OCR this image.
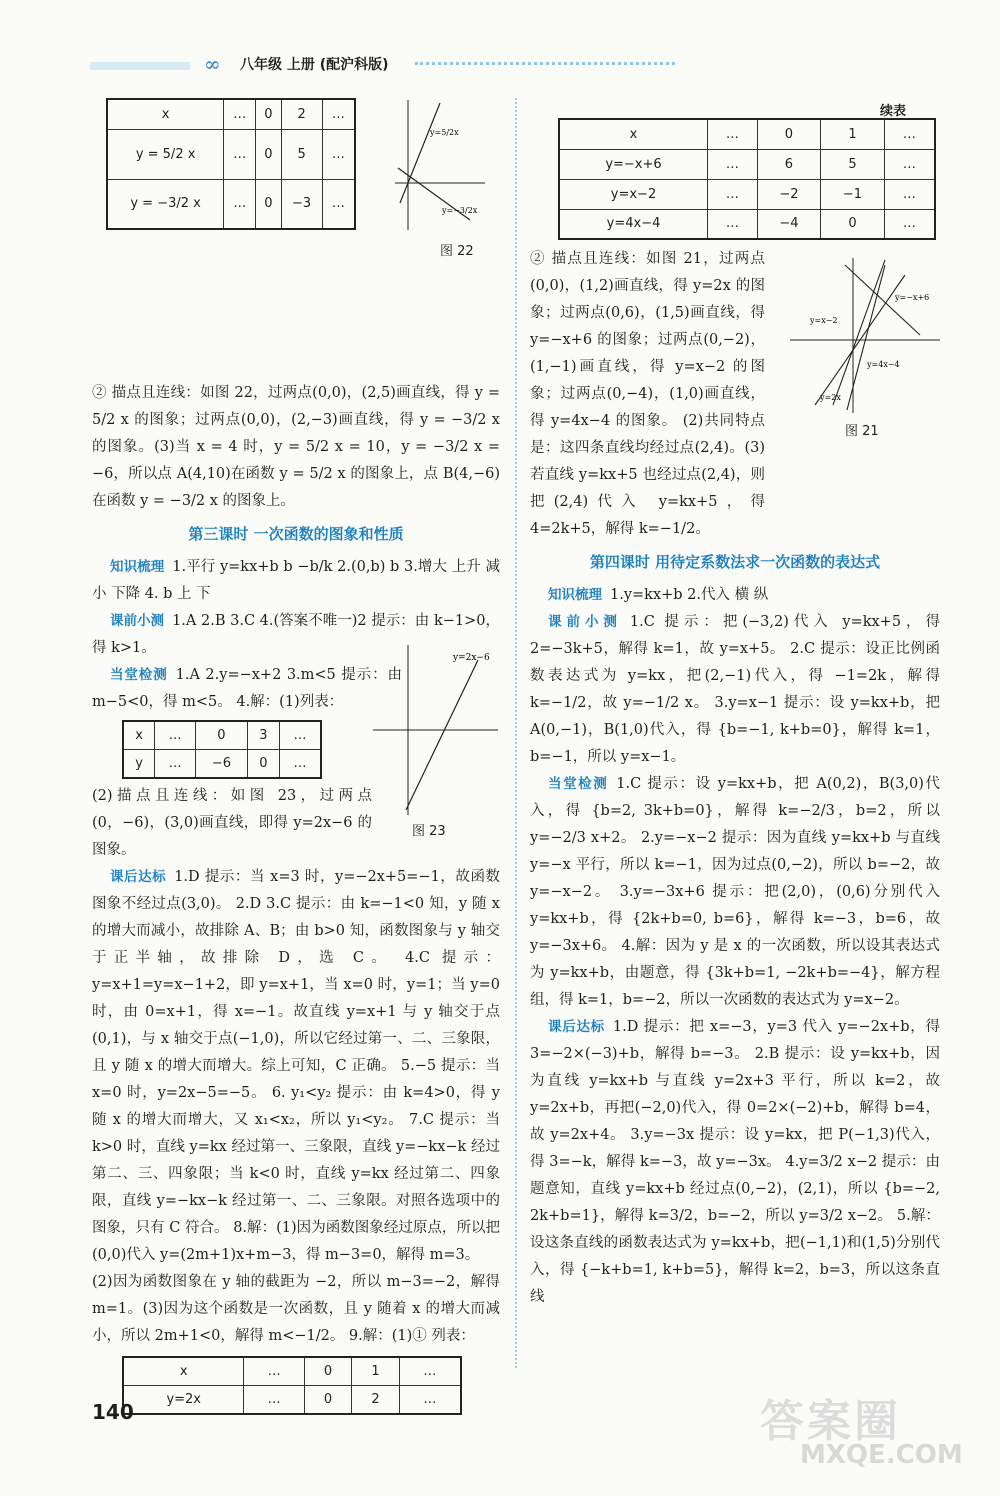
∞ 八年级 上册 (配沪科版)
x	…	0	2	…
y = 5/2 x	…	0	5	…
y = −3/2 x	…	0	−3	…

② 描点且连线：如图 22，过两点(0,0)，(2,5)画直线，得 y = 5/2 x 的图象；过两点(0,0)，(2,−3)画直线，得 y = −3/2 x 的图象。(3)当 x = 4 时，y = 5/2 x = 10，y = −3/2 x = −6，所以点 A(4,10)在函数 y = 5/2 x 的图象上，点 B(4,−6)在函数 y = −3/2 x 的图象上。

第三课时 一次函数的图象和性质

知识梳理 1.平行 y=kx+b b −b/k 2.(0,b) b 3.增大 上升 减小 下降 4. b 上 下

课前小测 1.A 2.B 3.C 4.(答案不唯一)2 提示：由 k−1>0，得 k>1。

当堂检测 1.A 2.y=−x+2 3.m<5 提示：由 m−5<0，得 m<5。 4.解：(1)列表：

x	…	0	3	…
y	…	−6	0	…

(2)描点且连线：如图 23，过两点(0，−6)，(3,0)画直线，即得 y=2x−6 的图象。

课后达标 1.D 提示：当 x=3 时，y=−2x+5=−1，故函数图象不经过点(3,0)。 2.D 3.C 提示：由 k=−1<0 知，y 随 x 的增大而减小，故排除 A、B；由 b>0 知，函数图象与 y 轴交于正半轴，故排除 D，选 C。 4.C 提示：y=x+1=y=x−1+2，即 y=x+1，当 x=0 时，y=1；当 y=0 时，由 0=x+1，得 x=−1。故直线 y=x+1 与 y 轴交于点(0,1)，与 x 轴交于点(−1,0)，所以它经过第一、二、三象限，且 y 随 x 的增大而增大。综上可知，C 正确。 5.−5 提示：当 x=0 时，y=2x−5=−5。 6. y₁<y₂ 提示：由 k=4>0，得 y 随 x 的增大而增大，又 x₁<x₂，所以 y₁<y₂。 7.C 提示：当 k>0 时，直线 y=kx 经过第一、三象限，直线 y=−kx−k 经过第二、三、四象限；当 k<0 时，直线 y=kx 经过第二、四象限，直线 y=−kx−k 经过第一、二、三象限。对照各选项中的图象，只有 C 符合。 8.解：(1)因为函数图象经过原点，所以把(0,0)代入 y=(2m+1)x+m−3，得 m−3=0，解得 m=3。

(2)因为函数图象在 y 轴的截距为 −2，所以 m−3=−2，解得 m=1。(3)因为这个函数是一次函数，且 y 随着 x 的增大而减小，所以 2m+1<0，解得 m<−1/2。 9.解：(1)① 列表：

x	…	0	1	…
y=2x	…	0	2	…
y=5/2x
y=−3/2x
图 22
y=2x−6
图 23
续表
x	…	0	1	…
y=−x+6	…	6	5	…
y=x−2	…	−2	−1	…
y=4x−4	…	−4	0	…

② 描点且连线：如图 21，过两点(0,0)，(1,2)画直线，得 y=2x 的图象；过两点(0,6)，(1,5)画直线，得 y=−x+6 的图象；过两点(0,−2)，(1,−1)画直线，得 y=x−2 的图象；过两点(0,−4)，(1,0)画直线，得 y=4x−4 的图象。 (2)共同特点是：这四条直线均经过点(2,4)。(3)若直线 y=kx+5 也经过点(2,4)，则把(2,4)代入 y=kx+5，得 4=2k+5，解得 k=−1/2。

第四课时 用待定系数法求一次函数的表达式

知识梳理 1.y=kx+b 2.代入 横 纵

课前小测 1.C 提示：把(−3,2)代入 y=kx+5，得 2=−3k+5，解得 k=1，故 y=x+5。 2.C 提示：设正比例函数表达式为 y=kx，把(2,−1)代入，得 −1=2k，解得 k=−1/2，故 y=−1/2 x。 3.y=x−1 提示：设 y=kx+b，把 A(0,−1)，B(1,0)代入，得 {b=−1, k+b=0}，解得 k=1，b=−1，所以 y=x−1。

当堂检测 1.C 提示：设 y=kx+b，把 A(0,2)，B(3,0)代入，得 {b=2, 3k+b=0}，解得 k=−2/3，b=2，所以 y=−2/3 x+2。 2.y=−x−2 提示：因为直线 y=kx+b 与直线 y=−x 平行，所以 k=−1，因为过点(0,−2)，所以 b=−2，故 y=−x−2。 3.y=−3x+6 提示：把(2,0)，(0,6)分别代入 y=kx+b，得 {2k+b=0, b=6}，解得 k=−3，b=6，故 y=−3x+6。 4.解：因为 y 是 x 的一次函数，所以设其表达式为 y=kx+b，由题意，得 {3k+b=1, −2k+b=−4}，解方程组，得 k=1，b=−2，所以一次函数的表达式为 y=x−2。

课后达标 1.D 提示：把 x=−3，y=3 代入 y=−2x+b，得 3=−2×(−3)+b，解得 b=−3。 2.B 提示：设 y=kx+b，因为直线 y=kx+b 与直线 y=2x+3 平行，所以 k=2，故 y=2x+b，再把(−2,0)代入，得 0=2×(−2)+b，解得 b=4，故 y=2x+4。 3.y=−3x 提示：设 y=kx，把 P(−1,3)代入，得 3=−k，解得 k=−3，故 y=−3x。 4.y=3/2 x−2 提示：由题意知，直线 y=kx+b 经过点(0,−2)，(2,1)，所以 {b=−2, 2k+b=1}，解得 k=3/2，b=−2，所以 y=3/2 x−2。 5.解：设这条直线的函数表达式为 y=kx+b，把(−1,1)和(1,5)分别代入，得 {−k+b=1, k+b=5}，解得 k=2，b=3，所以这条直线

y=−x+6
y=x−2
y=4x−4
y=2x
图 21
140	答案圈
MXQE.COM
